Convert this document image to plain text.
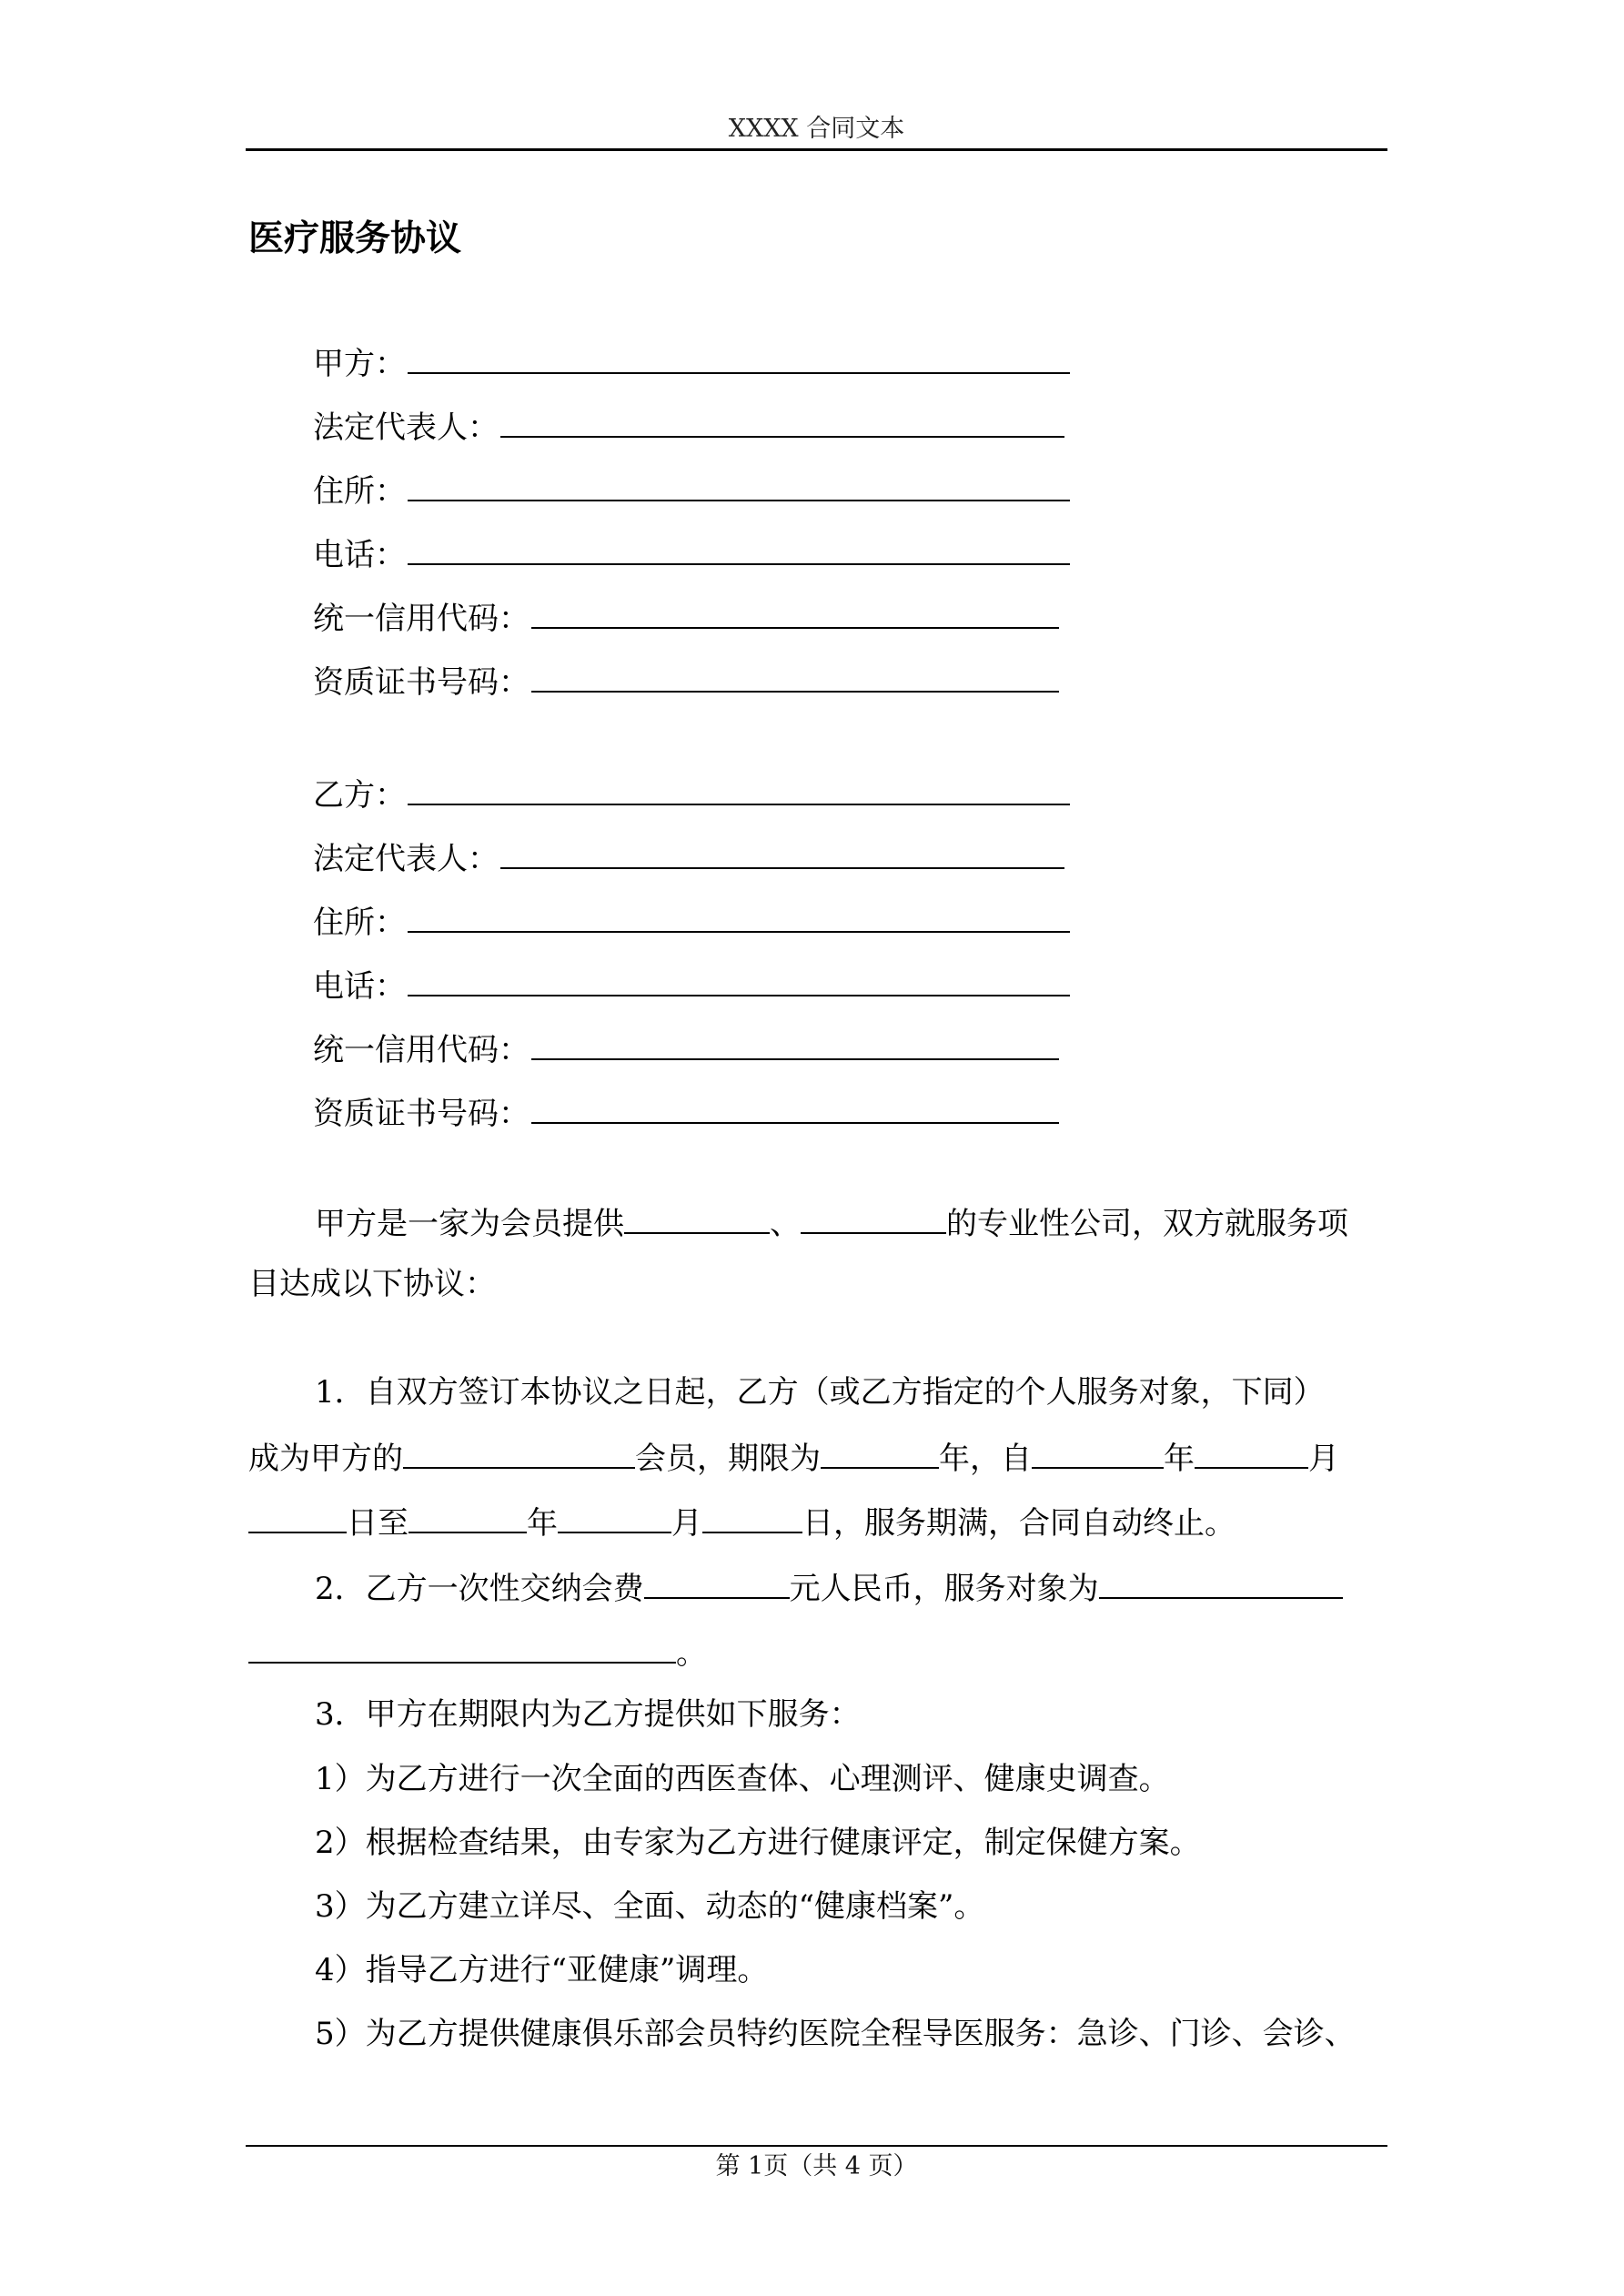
XXXX 合同文本
医疗服务协议
甲方：
法定代表人：
住所：
电话：
统一信用代码：
资质证书号码：
乙方：
法定代表人：
住所：
电话：
统一信用代码：
资质证书号码：
甲方是一家为会员提供	、	的专业性公司，双方就服务项
目达成以下协议：
1．自双方签订本协议之日起，乙方（或乙方指定的个人服务对象，下同）
成为甲方的	会员，期限为	年，自	年	月
日至	年	月	日，服务期满，合同自动终止。
2．乙方一次性交纳会费	元人民币，服务对象为
。
3．甲方在期限内为乙方提供如下服务：
1）为乙方进行一次全面的西医查体、心理测评、健康史调查。
2）根据检查结果，由专家为乙方进行健康评定，制定保健方案。
3）为乙方建立详尽、全面、动态的“健康档案”。
4）指导乙方进行“亚健康”调理。
5）为乙方提供健康俱乐部会员特约医院全程导医服务：急诊、门诊、会诊、
第 1页（共 4 页）
